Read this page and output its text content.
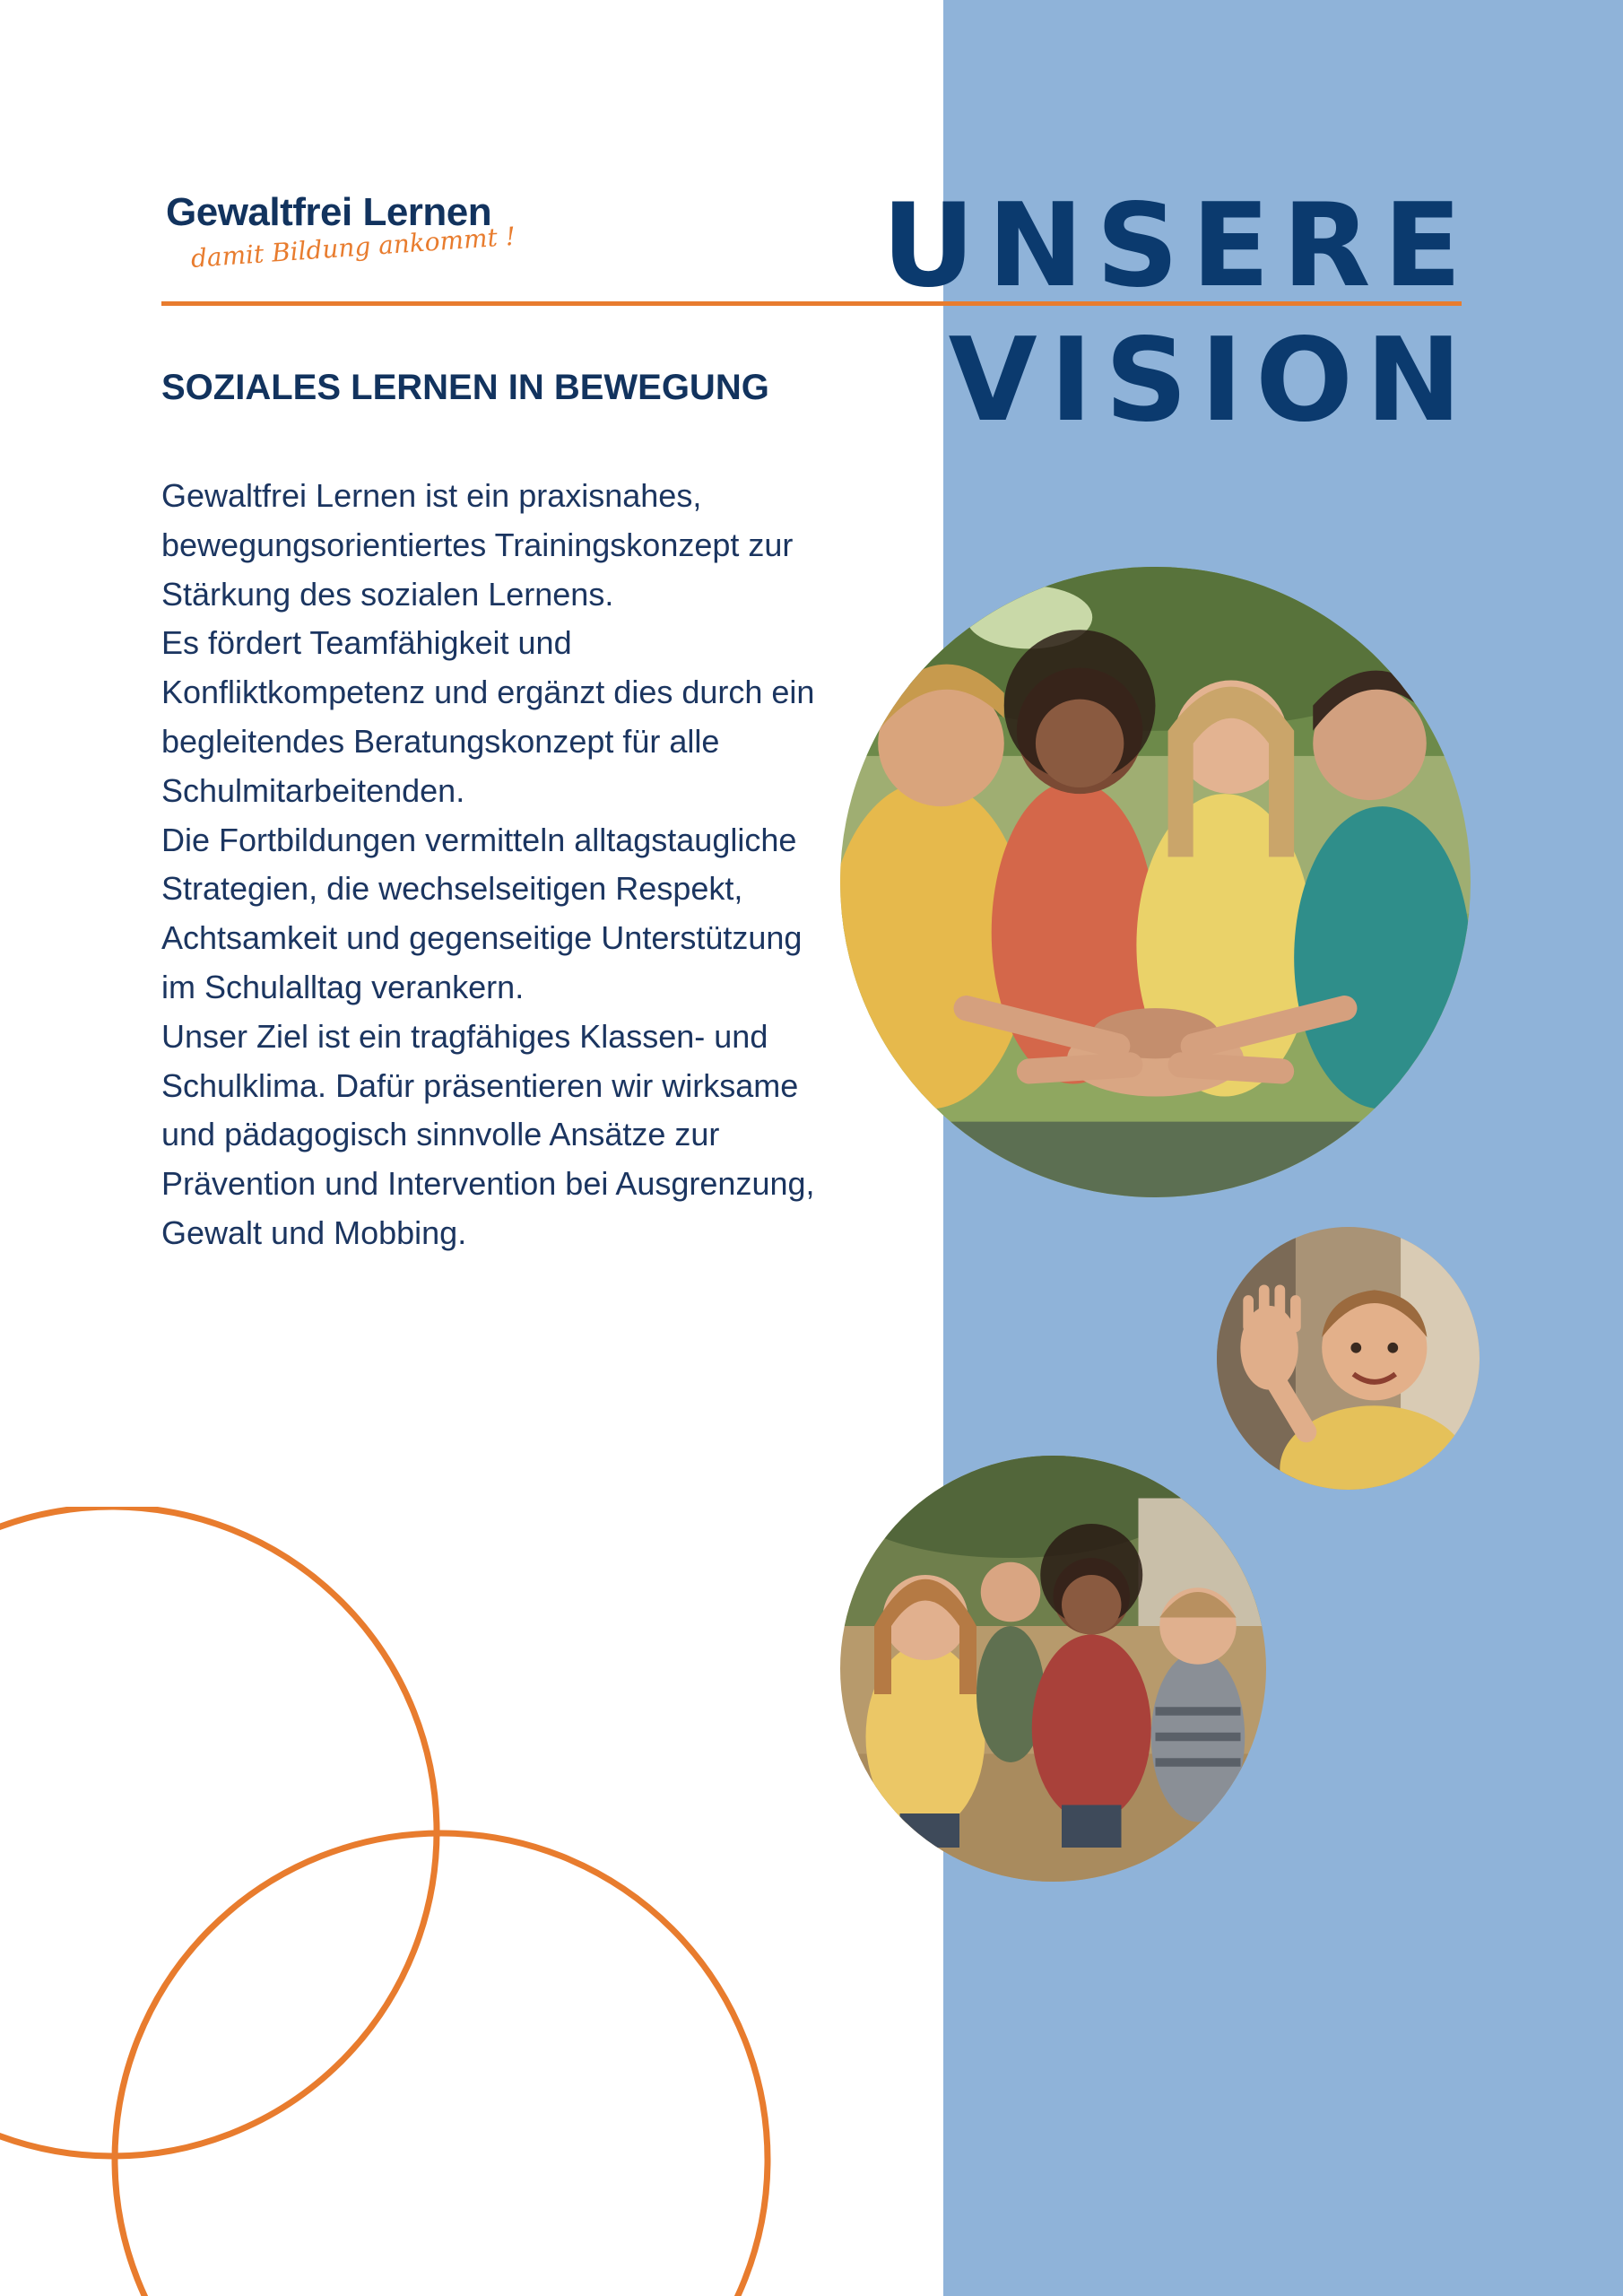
Gewaltfrei Lernen
damit Bildung ankommt !	UNSERE
VISION
SOZIALES LERNEN IN BEWEGUNG

Gewaltfrei Lernen ist ein praxisnahes, bewegungsorientiertes Trainingskonzept zur Stärkung des sozialen Lernens.

Es fördert Teamfähigkeit und Konfliktkompetenz und ergänzt dies durch ein begleitendes Beratungskonzept für alle Schulmitarbeitenden.

Die Fortbildungen vermitteln alltagstaugliche Strategien, die wechselseitigen Respekt, Achtsamkeit und gegenseitige Unterstützung im Schulalltag verankern.

Unser Ziel ist ein tragfähiges Klassen- und Schulklima. Dafür präsentieren wir wirksame und pädagogisch sinnvolle Ansätze zur Prävention und Intervention bei Ausgrenzung, Gewalt und Mobbing.
